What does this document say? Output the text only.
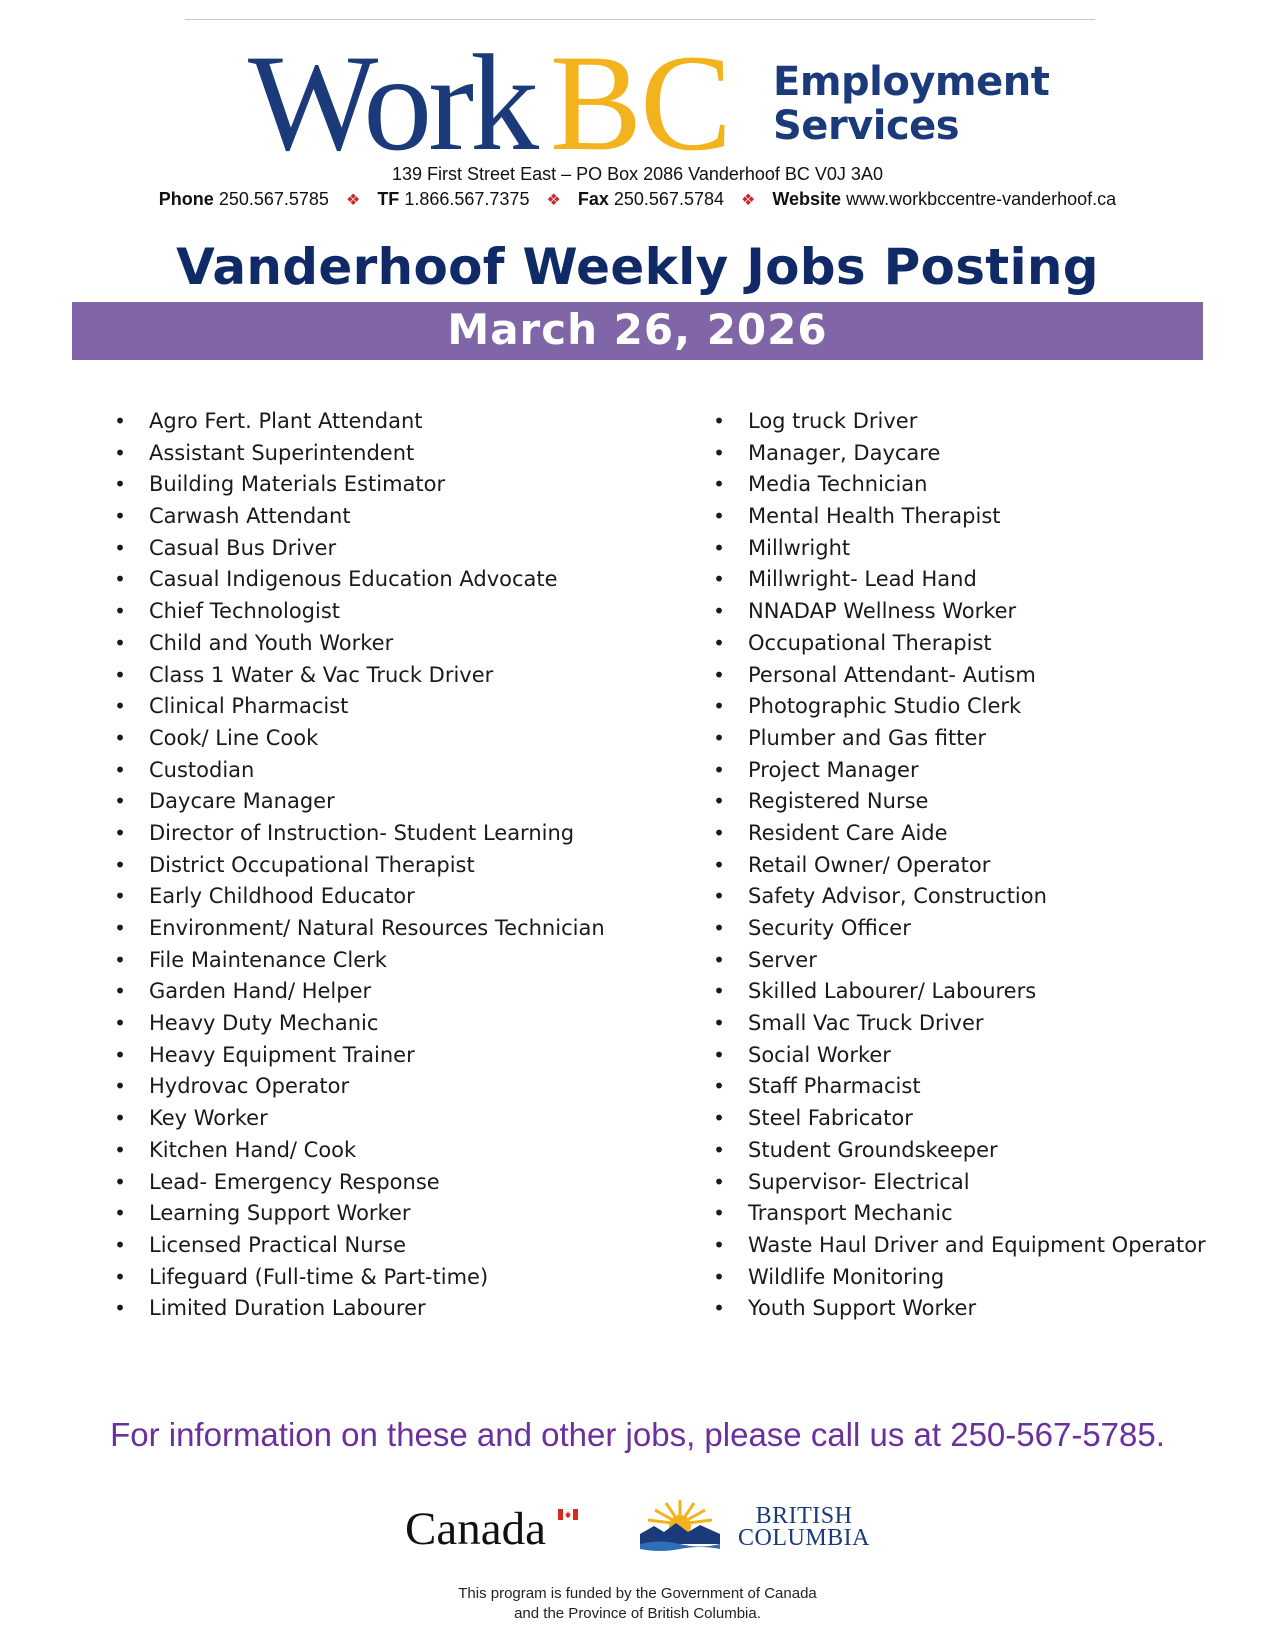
Work BC Employment
Services
139 First Street East – PO Box 2086 Vanderhoof BC V0J 3A0
Phone 250.567.5785 ❖ TF 1.866.567.7375 ❖ Fax 250.567.5784 ❖ Website www.workbccentre-vanderhoof.ca
Vanderhoof Weekly Jobs Posting
March 26, 2026
• Agro Fert. Plant Attendant
• Assistant Superintendent
• Building Materials Estimator
• Carwash Attendant
• Casual Bus Driver
• Casual Indigenous Education Advocate
• Chief Technologist
• Child and Youth Worker
• Class 1 Water & Vac Truck Driver
• Clinical Pharmacist
• Cook/ Line Cook
• Custodian
• Daycare Manager
• Director of Instruction- Student Learning
• District Occupational Therapist
• Early Childhood Educator
• Environment/ Natural Resources Technician
• File Maintenance Clerk
• Garden Hand/ Helper
• Heavy Duty Mechanic
• Heavy Equipment Trainer
• Hydrovac Operator
• Key Worker
• Kitchen Hand/ Cook
• Lead- Emergency Response
• Learning Support Worker
• Licensed Practical Nurse
• Lifeguard (Full-time & Part-time)
• Limited Duration Labourer
• Log truck Driver
• Manager, Daycare
• Media Technician
• Mental Health Therapist
• Millwright
• Millwright- Lead Hand
• NNADAP Wellness Worker
• Occupational Therapist
• Personal Attendant- Autism
• Photographic Studio Clerk
• Plumber and Gas fitter
• Project Manager
• Registered Nurse
• Resident Care Aide
• Retail Owner/ Operator
• Safety Advisor, Construction
• Security Officer
• Server
• Skilled Labourer/ Labourers
• Small Vac Truck Driver
• Social Worker
• Staff Pharmacist
• Steel Fabricator
• Student Groundskeeper
• Supervisor- Electrical
• Transport Mechanic
• Waste Haul Driver and Equipment Operator
• Wildlife Monitoring
• Youth Support Worker
For information on these and other jobs, please call us at 250-567-5785.
Canada	BRITISH
COLUMBIA
This program is funded by the Government of Canada
and the Province of British Columbia.
